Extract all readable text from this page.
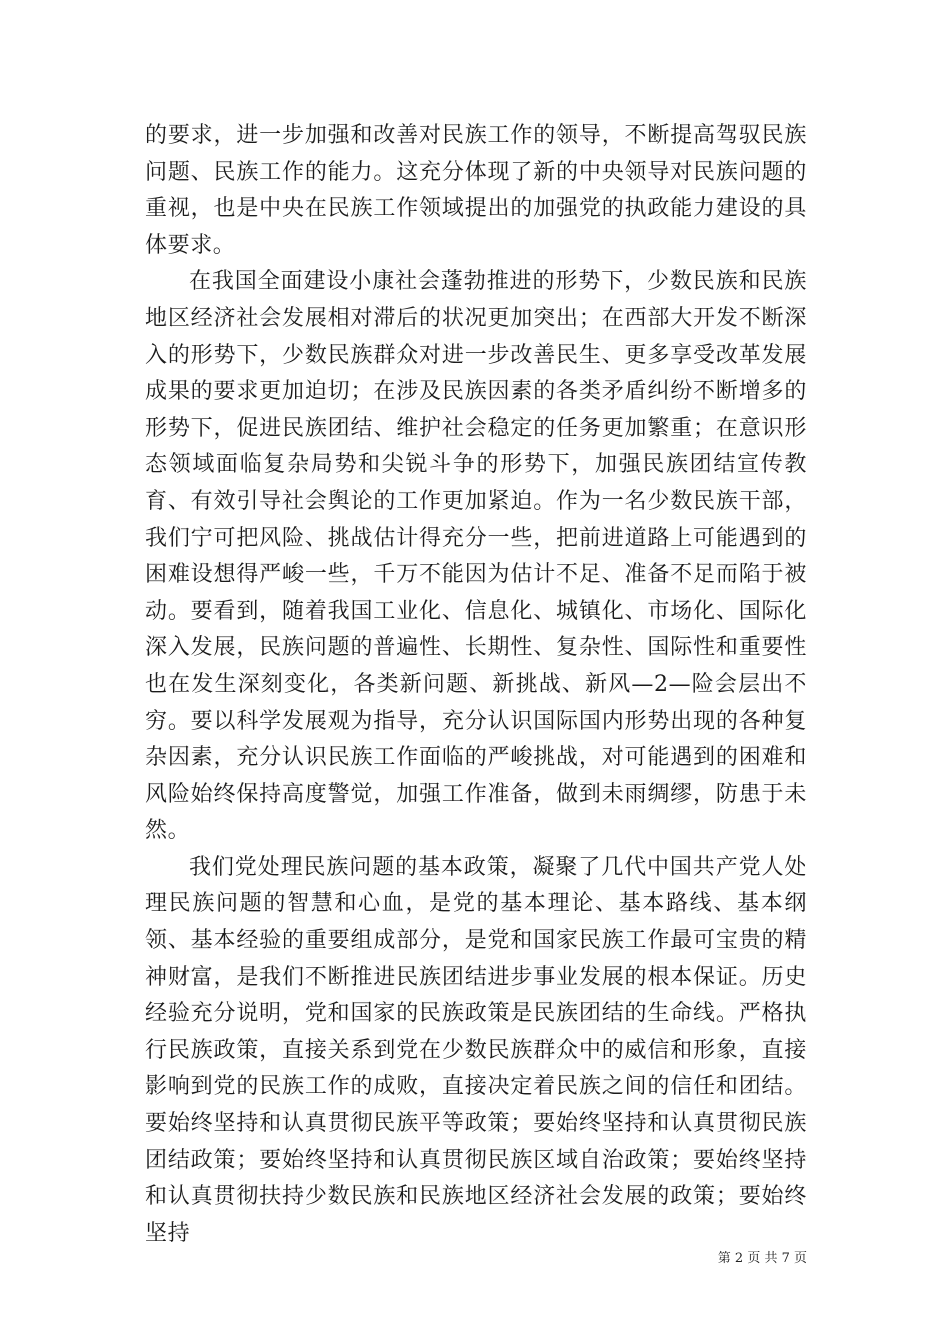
的要求，进一步加强和改善对民族工作的领导，不断提高驾驭民族问题、民族工作的能力。这充分体现了新的中央领导对民族问题的重视，也是中央在民族工作领域提出的加强党的执政能力建设的具体要求。

在我国全面建设小康社会蓬勃推进的形势下，少数民族和民族地区经济社会发展相对滞后的状况更加突出；在西部大开发不断深入的形势下，少数民族群众对进一步改善民生、更多享受改革发展成果的要求更加迫切；在涉及民族因素的各类矛盾纠纷不断增多的形势下，促进民族团结、维护社会稳定的任务更加繁重；在意识形态领域面临复杂局势和尖锐斗争的形势下，加强民族团结宣传教育、有效引导社会舆论的工作更加紧迫。作为一名少数民族干部，我们宁可把风险、挑战估计得充分一些，把前进道路上可能遇到的困难设想得严峻一些，千万不能因为估计不足、准备不足而陷于被动。要看到，随着我国工业化、信息化、城镇化、市场化、国际化深入发展，民族问题的普遍性、长期性、复杂性、国际性和重要性也在发生深刻变化，各类新问题、新挑战、新风—2—险会层出不穷。要以科学发展观为指导，充分认识国际国内形势出现的各种复杂因素，充分认识民族工作面临的严峻挑战，对可能遇到的困难和风险始终保持高度警觉，加强工作准备，做到未雨绸缪，防患于未然。

我们党处理民族问题的基本政策，凝聚了几代中国共产党人处理民族问题的智慧和心血，是党的基本理论、基本路线、基本纲领、基本经验的重要组成部分，是党和国家民族工作最可宝贵的精神财富，是我们不断推进民族团结进步事业发展的根本保证。历史经验充分说明，党和国家的民族政策是民族团结的生命线。严格执行民族政策，直接关系到党在少数民族群众中的威信和形象，直接影响到党的民族工作的成败，直接决定着民族之间的信任和团结。要始终坚持和认真贯彻民族平等政策；要始终坚持和认真贯彻民族团结政策；要始终坚持和认真贯彻民族区域自治政策；要始终坚持和认真贯彻扶持少数民族和民族地区经济社会发展的政策；要始终坚持

第 2 页 共 7 页
